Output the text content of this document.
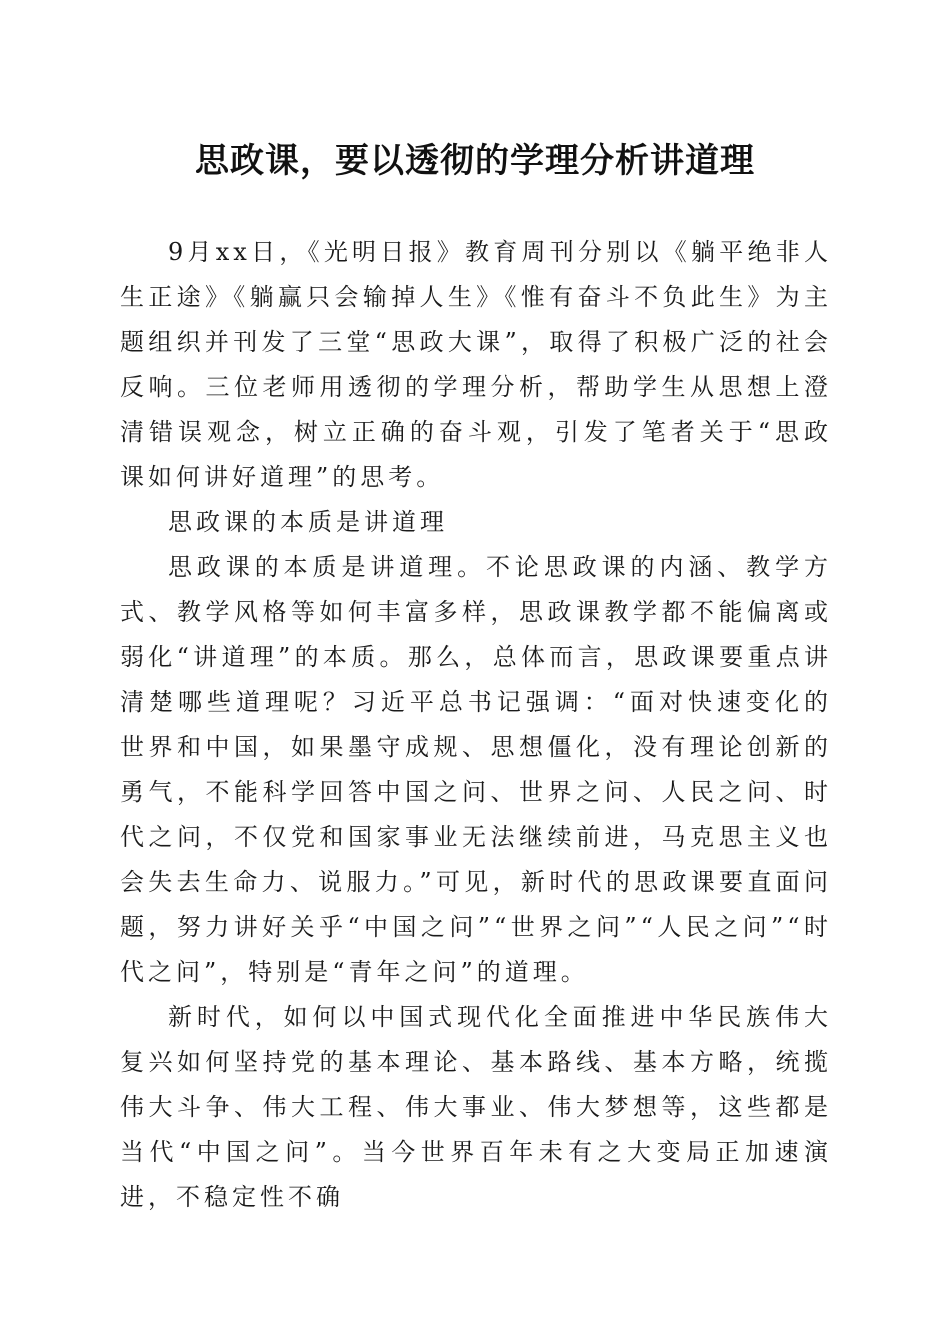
思政课，要以透彻的学理分析讲道理

9月xx日，《光明日报》教育周刊分别以《躺平绝非人生正途》《躺赢只会输掉人生》《惟有奋斗不负此生》为主题组织并刊发了三堂“思政大课”，取得了积极广泛的社会反响。三位老师用透彻的学理分析，帮助学生从思想上澄清错误观念，树立正确的奋斗观，引发了笔者关于“思政课如何讲好道理”的思考。

思政课的本质是讲道理

思政课的本质是讲道理。不论思政课的内涵、教学方式、教学风格等如何丰富多样，思政课教学都不能偏离或弱化“讲道理”的本质。那么，总体而言，思政课要重点讲清楚哪些道理呢？习近平总书记强调：“面对快速变化的世界和中国，如果墨守成规、思想僵化，没有理论创新的勇气，不能科学回答中国之问、世界之问、人民之问、时代之问，不仅党和国家事业无法继续前进，马克思主义也会失去生命力、说服力。”可见，新时代的思政课要直面问题，努力讲好关乎“中国之问”“世界之问”“人民之问”“时代之问”，特别是“青年之问”的道理。

新时代，如何以中国式现代化全面推进中华民族伟大复兴如何坚持党的基本理论、基本路线、基本方略，统揽伟大斗争、伟大工程、伟大事业、伟大梦想等，这些都是当代“中国之问”。当今世界百年未有之大变局正加速演进，不稳定性不确
